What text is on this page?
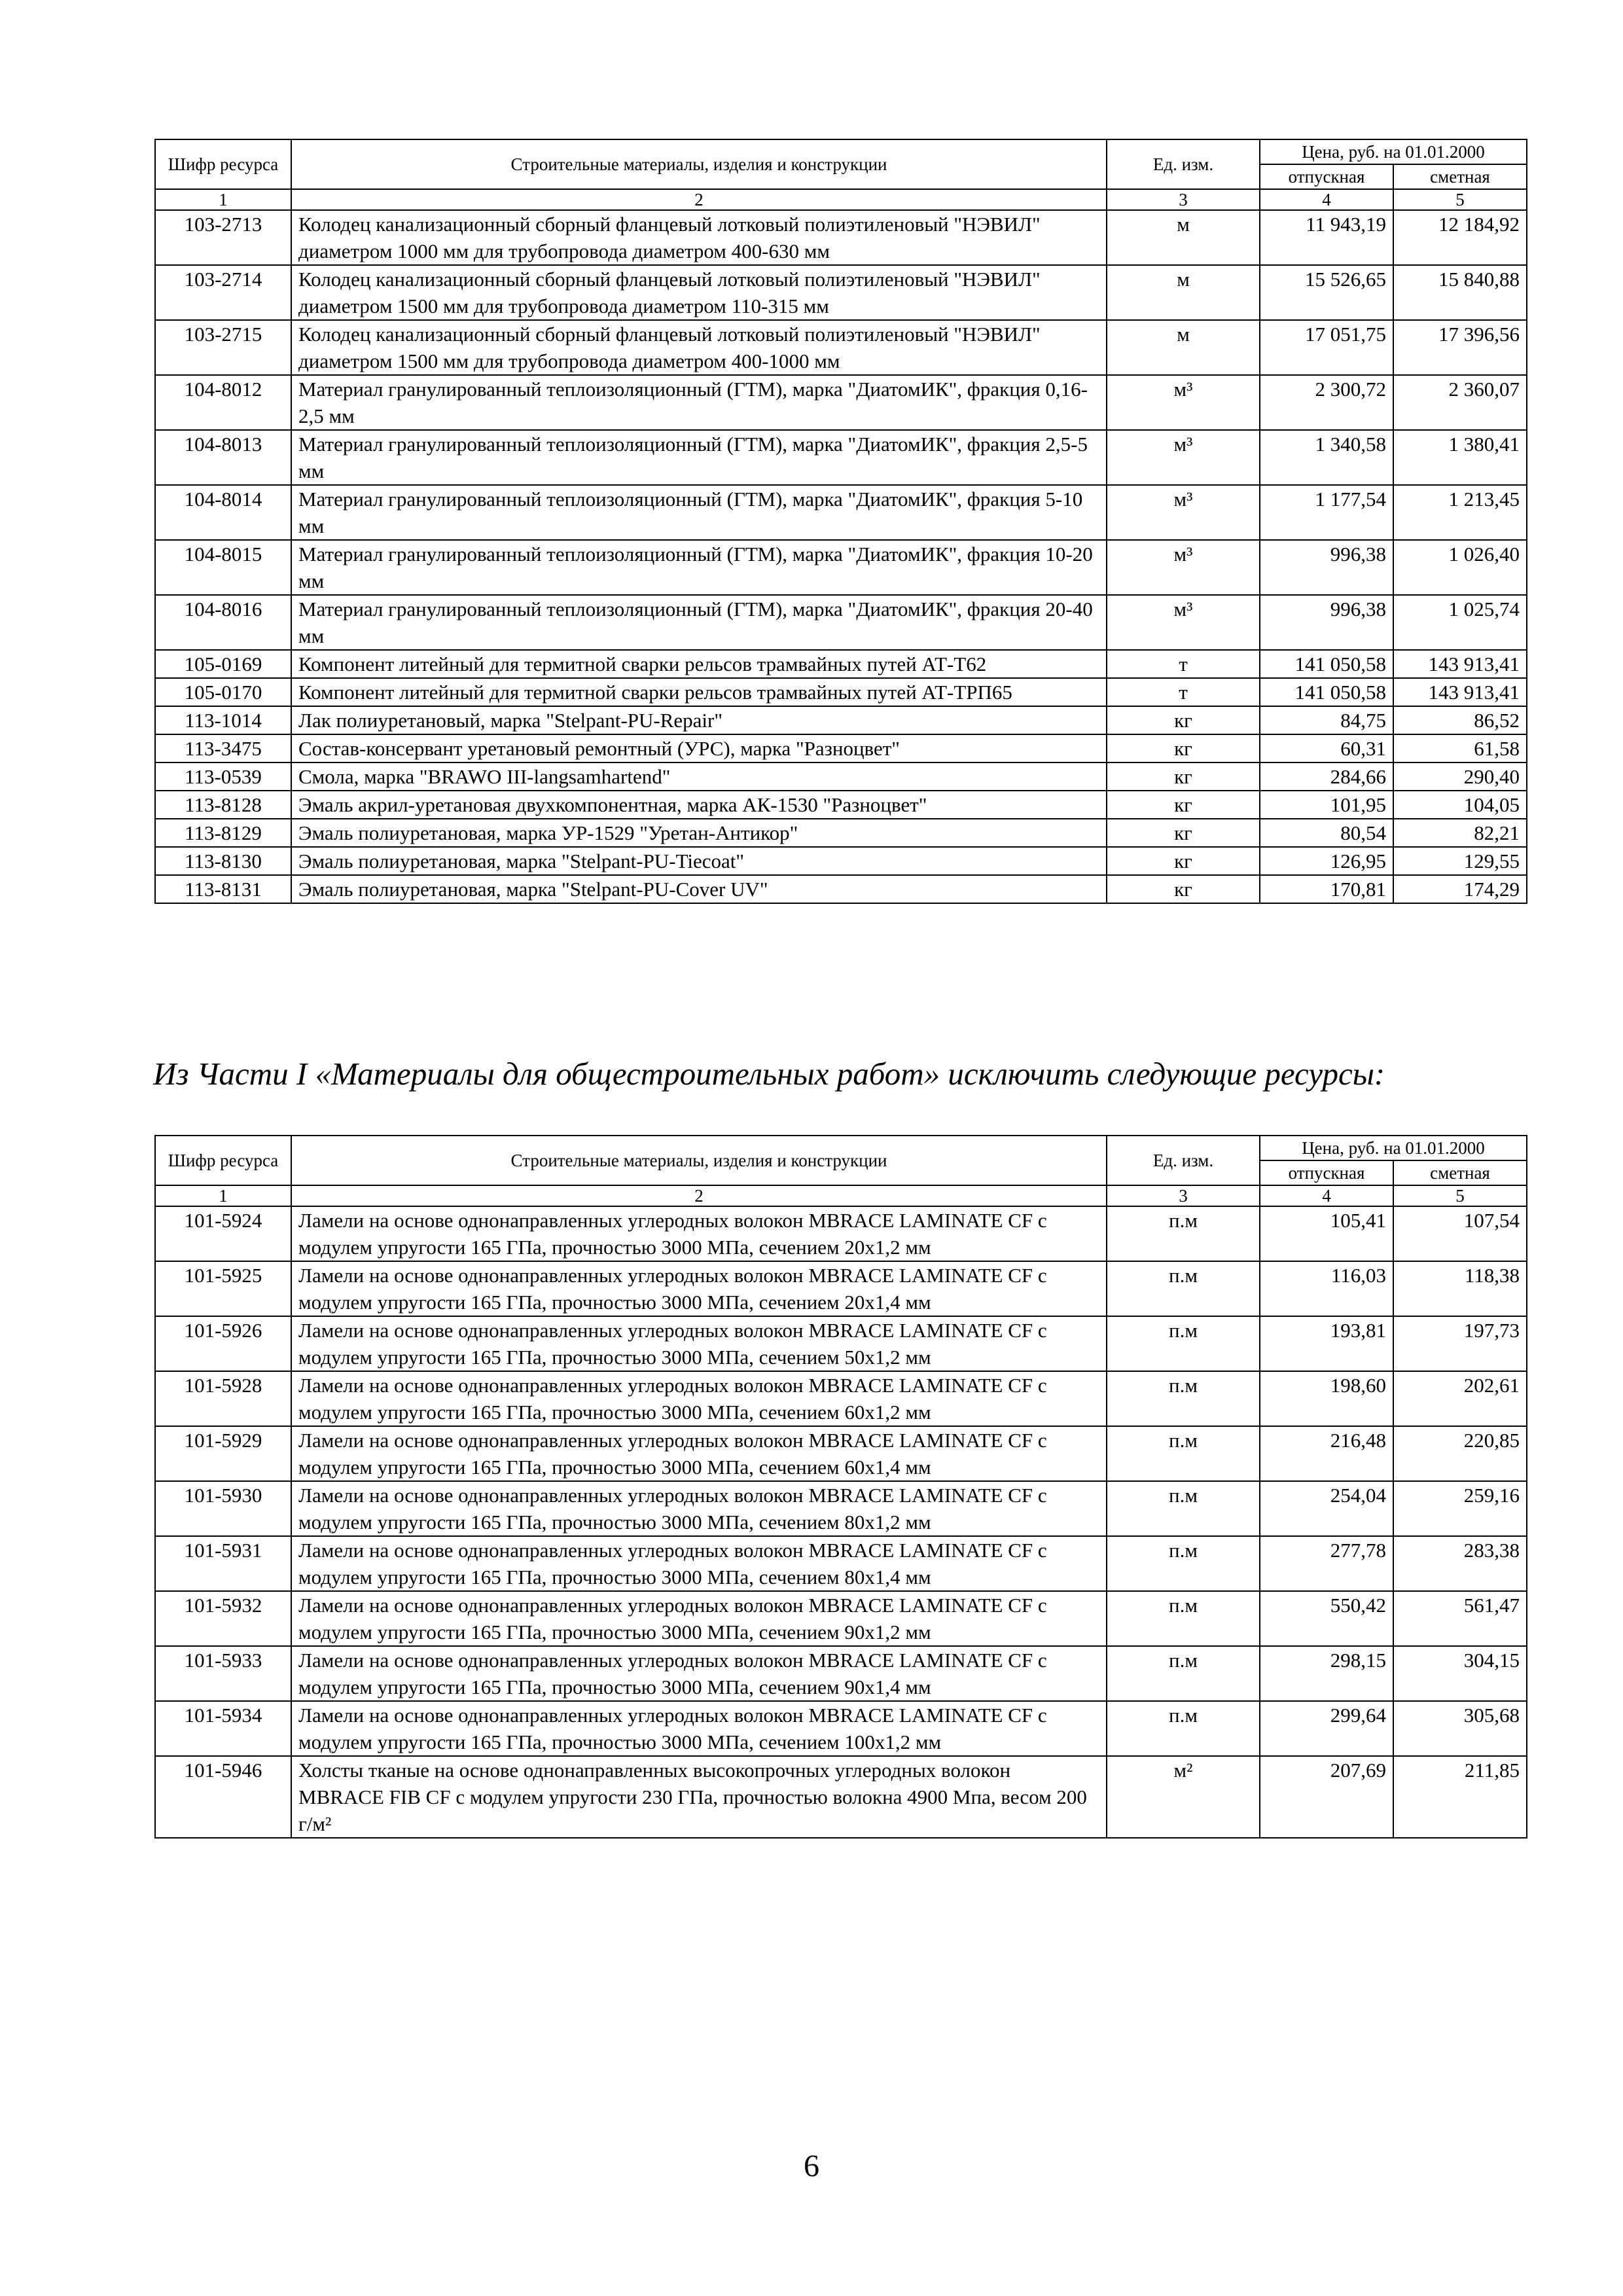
Шифр ресурса	Строительные материалы, изделия и конструкции	Ед. изм.	Цена, руб. на 01.01.2000	
			отпускная	сметная
1	2	3	4	5
103-2713	Колодец канализационный сборный фланцевый лотковый полиэтиленовый "НЭВИЛ" диаметром 1000 мм для трубопровода диаметром 400-630 мм	м	11 943,19	12 184,92
103-2714	Колодец канализационный сборный фланцевый лотковый полиэтиленовый "НЭВИЛ" диаметром 1500 мм для трубопровода диаметром 110-315 мм	м	15 526,65	15 840,88
103-2715	Колодец канализационный сборный фланцевый лотковый полиэтиленовый "НЭВИЛ" диаметром 1500 мм для трубопровода диаметром 400-1000 мм	м	17 051,75	17 396,56
104-8012	Материал гранулированный теплоизоляционный (ГТМ), марка "ДиатомИК", фракция 0,16-2,5 мм	м³	2 300,72	2 360,07
104-8013	Материал гранулированный теплоизоляционный (ГТМ), марка "ДиатомИК", фракция 2,5-5 мм	м³	1 340,58	1 380,41
104-8014	Материал гранулированный теплоизоляционный (ГТМ), марка "ДиатомИК", фракция 5-10 мм	м³	1 177,54	1 213,45
104-8015	Материал гранулированный теплоизоляционный (ГТМ), марка "ДиатомИК", фракция 10-20 мм	м³	996,38	1 026,40
104-8016	Материал гранулированный теплоизоляционный (ГТМ), марка "ДиатомИК", фракция 20-40 мм	м³	996,38	1 025,74
105-0169	Компонент литейный для термитной сварки рельсов трамвайных путей АТ-Т62	т	141 050,58	143 913,41
105-0170	Компонент литейный для термитной сварки рельсов трамвайных путей АТ-ТРП65	т	141 050,58	143 913,41
113-1014	Лак полиуретановый, марка "Stelpant-PU-Repair"	кг	84,75	86,52
113-3475	Состав-консервант уретановый ремонтный (УРС), марка "Разноцвет"	кг	60,31	61,58
113-0539	Смола, марка "BRAWO III-langsamhartend"	кг	284,66	290,40
113-8128	Эмаль акрил-уретановая двухкомпонентная, марка АК-1530 "Разноцвет"	кг	101,95	104,05
113-8129	Эмаль полиуретановая, марка УР-1529 "Уретан-Антикор"	кг	80,54	82,21
113-8130	Эмаль полиуретановая, марка "Stelpant-PU-Tiecoat"	кг	126,95	129,55
113-8131	Эмаль полиуретановая, марка "Stelpant-PU-Cover UV"	кг	170,81	174,29
Из Части I «Материалы для общестроительных работ» исключить следующие ресурсы:
Шифр ресурса	Строительные материалы, изделия и конструкции	Ед. изм.	Цена, руб. на 01.01.2000	
			отпускная	сметная
1	2	3	4	5
101-5924	Ламели на основе однонаправленных углеродных волокон MBRACE LAMINATE CF с модулем упругости 165 ГПа, прочностью 3000 МПа, сечением 20х1,2 мм	п.м	105,41	107,54
101-5925	Ламели на основе однонаправленных углеродных волокон MBRACE LAMINATE CF с модулем упругости 165 ГПа, прочностью 3000 МПа, сечением 20х1,4 мм	п.м	116,03	118,38
101-5926	Ламели на основе однонаправленных углеродных волокон MBRACE LAMINATE CF с модулем упругости 165 ГПа, прочностью 3000 МПа, сечением 50х1,2 мм	п.м	193,81	197,73
101-5928	Ламели на основе однонаправленных углеродных волокон MBRACE LAMINATE CF с модулем упругости 165 ГПа, прочностью 3000 МПа, сечением 60х1,2 мм	п.м	198,60	202,61
101-5929	Ламели на основе однонаправленных углеродных волокон MBRACE LAMINATE CF с модулем упругости 165 ГПа, прочностью 3000 МПа, сечением 60х1,4 мм	п.м	216,48	220,85
101-5930	Ламели на основе однонаправленных углеродных волокон MBRACE LAMINATE CF с модулем упругости 165 ГПа, прочностью 3000 МПа, сечением 80х1,2 мм	п.м	254,04	259,16
101-5931	Ламели на основе однонаправленных углеродных волокон MBRACE LAMINATE CF с модулем упругости 165 ГПа, прочностью 3000 МПа, сечением 80х1,4 мм	п.м	277,78	283,38
101-5932	Ламели на основе однонаправленных углеродных волокон MBRACE LAMINATE CF с модулем упругости 165 ГПа, прочностью 3000 МПа, сечением 90х1,2 мм	п.м	550,42	561,47
101-5933	Ламели на основе однонаправленных углеродных волокон MBRACE LAMINATE CF с модулем упругости 165 ГПа, прочностью 3000 МПа, сечением 90х1,4 мм	п.м	298,15	304,15
101-5934	Ламели на основе однонаправленных углеродных волокон MBRACE LAMINATE CF с модулем упругости 165 ГПа, прочностью 3000 МПа, сечением 100х1,2 мм	п.м	299,64	305,68
101-5946	Холсты тканые на основе однонаправленных высокопрочных углеродных волокон MBRACE FIB CF с модулем упругости 230 ГПа, прочностью волокна 4900 Мпа, весом 200 г/м²	м²	207,69	211,85
6
